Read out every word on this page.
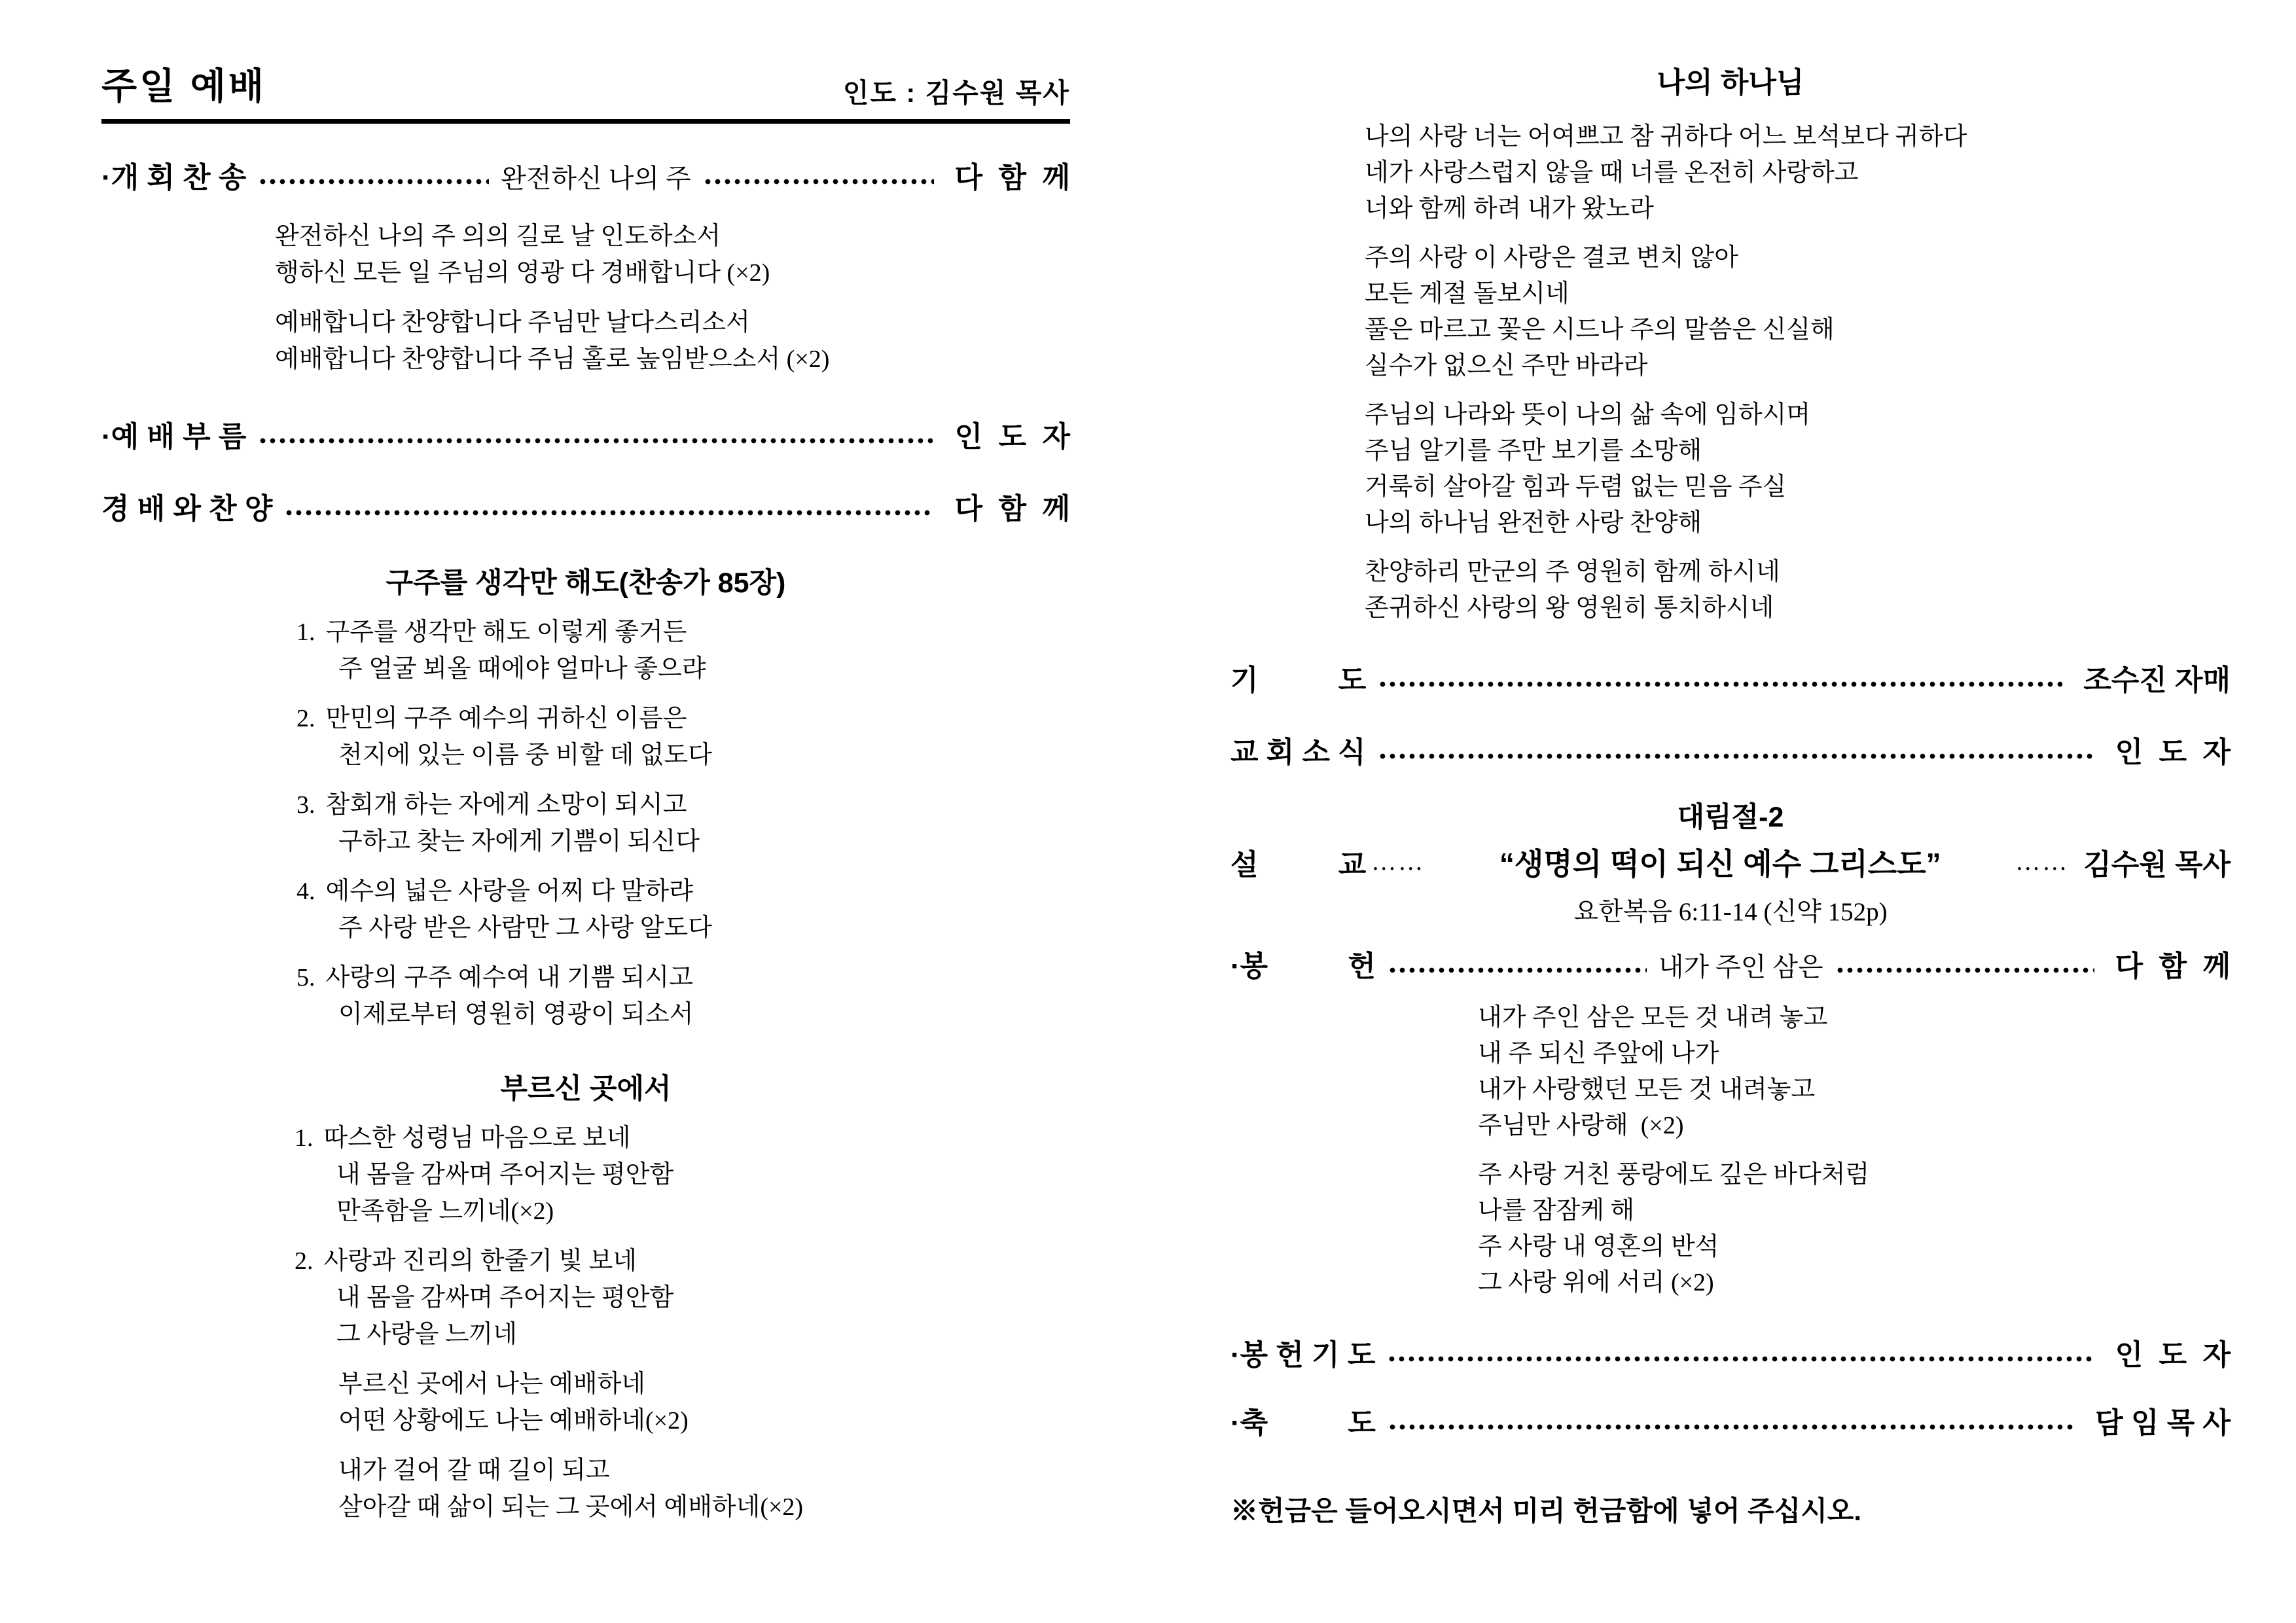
주일 예배	인도 : 김수원 목사
·개 회 찬 송	완전하신 나의 주	다  함  께
완전하신 나의 주 의의 길로 날 인도하소서
행하신 모든 일 주님의 영광 다 경배합니다 (×2)
예배합니다 찬양합니다 주님만 날다스리소서
예배합니다 찬양합니다 주님 홀로 높임받으소서 (×2)
·예 배 부 름	인  도  자
경 배 와 찬 양	다  함  께
구주를 생각만 해도(찬송가 85장)
1. 구주를 생각만 해도 이렇게 좋거든
주 얼굴 뵈올 때에야 얼마나 좋으랴
2. 만민의 구주 예수의 귀하신 이름은
천지에 있는 이름 중 비할 데 없도다
3. 참회개 하는 자에게 소망이 되시고
구하고 찾는 자에게 기쁨이 되신다
4. 예수의 넓은 사랑을 어찌 다 말하랴
주 사랑 받은 사람만 그 사랑 알도다
5. 사랑의 구주 예수여 내 기쁨 되시고
이제로부터 영원히 영광이 되소서
부르신 곳에서
1. 따스한 성령님 마음으로 보네
내 몸을 감싸며 주어지는 평안함
만족함을 느끼네(×2)
2. 사랑과 진리의 한줄기 빛 보네
내 몸을 감싸며 주어지는 평안함
그 사랑을 느끼네
부르신 곳에서 나는 예배하네
어떤 상황에도 나는 예배하네(×2)
내가 걸어 갈 때 길이 되고
살아갈 때 삶이 되는 그 곳에서 예배하네(×2)
나의 하나님
나의 사랑 너는 어여쁘고 참 귀하다 어느 보석보다 귀하다
네가 사랑스럽지 않을 때 너를 온전히 사랑하고
너와 함께 하려 내가 왔노라
주의 사랑 이 사랑은 결코 변치 않아
모든 계절 돌보시네
풀은 마르고 꽃은 시드나 주의 말씀은 신실해
실수가 없으신 주만 바라라
주님의 나라와 뜻이 나의 삶 속에 임하시며
주님 알기를 주만 보기를 소망해
거룩히 살아갈 힘과 두렴 없는 믿음 주실
나의 하나님 완전한 사랑 찬양해
찬양하리 만군의 주 영원히 함께 하시네
존귀하신 사랑의 왕 영원히 통치하시네
기          도	조수진 자매
교 회 소 식	인  도  자
대림절-2
설          교 ……	“생명의 떡이 되신 예수 그리스도”	…… 김수원 목사
요한복음 6:11-14 (신약 152p)
·봉          헌	내가 주인 삼은	다  함  께
내가 주인 삼은 모든 것 내려 놓고
내 주 되신 주앞에 나가
내가 사랑했던 모든 것 내려놓고
주님만 사랑해  (×2)
주 사랑 거친 풍랑에도 깊은 바다처럼
나를 잠잠케 해
주 사랑 내 영혼의 반석
그 사랑 위에 서리 (×2)
·봉 헌 기 도	인  도  자
·축          도	담 임 목 사
※헌금은 들어오시면서 미리 헌금함에 넣어 주십시오.
